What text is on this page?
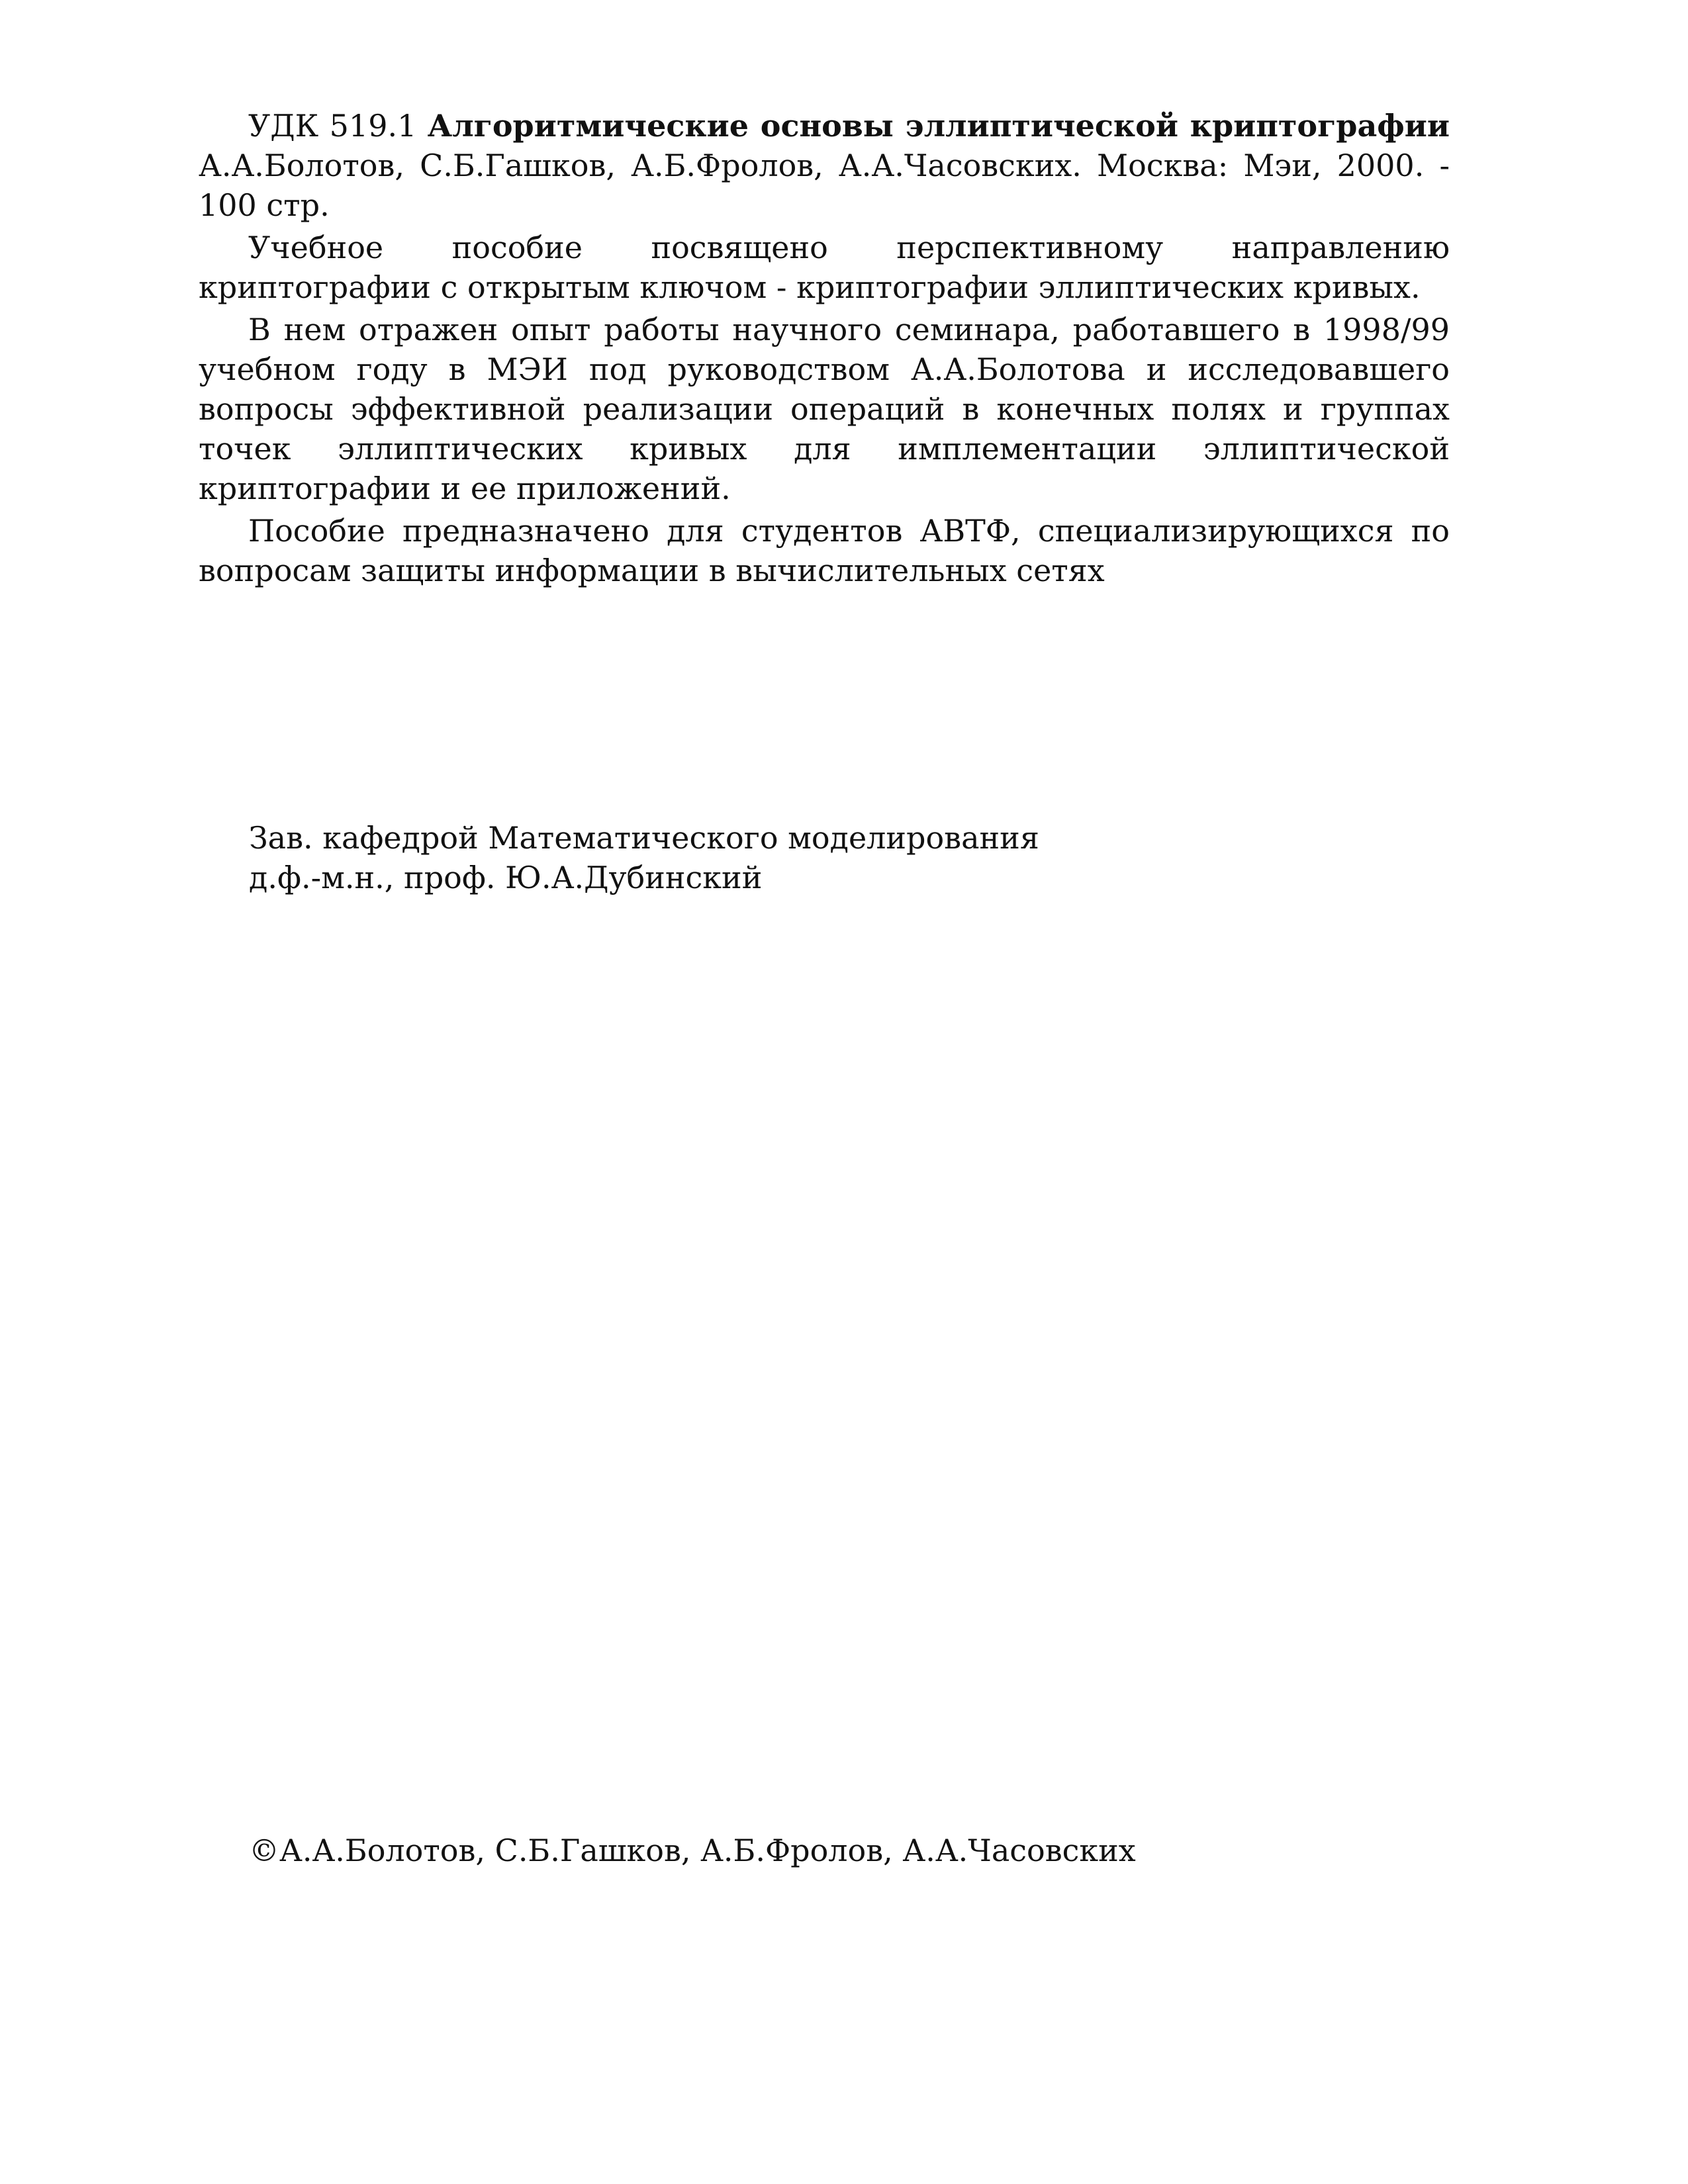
УДК 519.1 Алгоритмические основы эллиптической криптографии А.А.Болотов, С.Б.Гашков, А.Б.Фролов, А.А.Часовских. Москва: Мэи, 2000. - 100 стр.

Учебное пособие посвящено перспективному направлению криптографии с открытым ключом - криптографии эллиптических кривых.

В нем отражен опыт работы научного семинара, работавшего в 1998/99 учебном году в МЭИ под руководством А.А.Болотова и исследовавшего вопросы эффективной реализации операций в конечных полях и группах точек эллиптических кривых для имплементации эллиптической криптографии и ее приложений.

Пособие предназначено для студентов АВТФ, специализирующихся по вопросам защиты информации в вычислительных сетях

Зав. кафедрой Математического моделирования
д.ф.-м.н., проф. Ю.А.Дубинский
©А.А.Болотов, С.Б.Гашков, А.Б.Фролов, А.А.Часовских
